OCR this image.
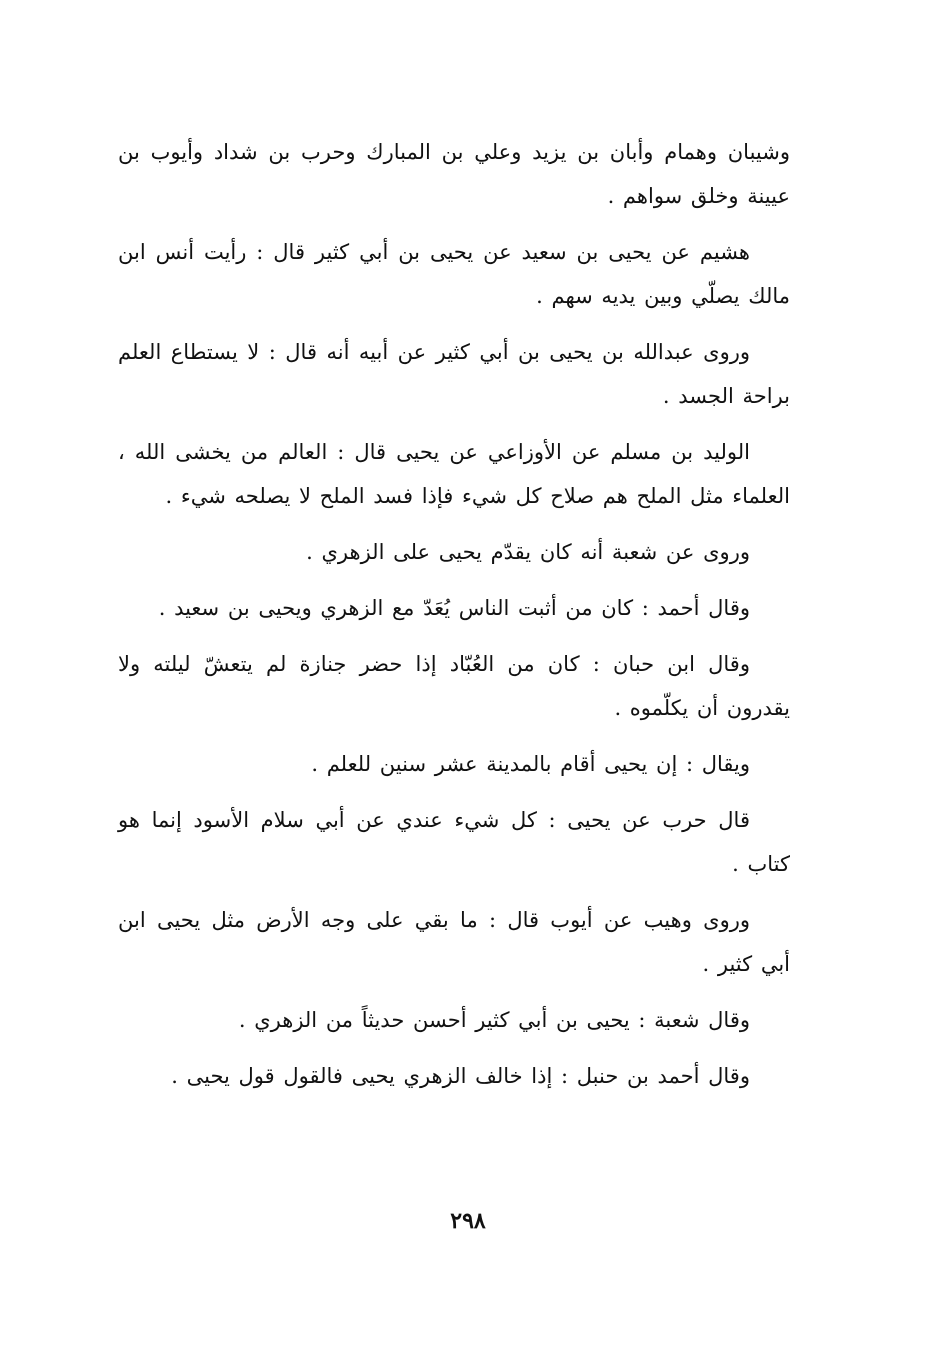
وشيبان وهمام وأبان بن يزيد وعلي بن المبارك وحرب بن شداد وأيوب بن عيينة وخلق سواهم .

هشيم عن يحيى بن سعيد عن يحيى بن أبي كثير قال : رأيت أنس ابن مالك يصلّي وبين يديه سهم .

وروى عبدالله بن يحيى بن أبي كثير عن أبيه أنه قال : لا يستطاع العلم براحة الجسد .

الوليد بن مسلم عن الأوزاعي عن يحيى قال : العالم من يخشى الله ، العلماء مثل الملح هم صلاح كل شيء فإذا فسد الملح لا يصلحه شيء .

وروى عن شعبة أنه كان يقدّم يحيى على الزهري .

وقال أحمد : كان من أثبت الناس يُعَدّ مع الزهري ويحيى بن سعيد .

وقال ابن حبان : كان من العُبّاد إذا حضر جنازة لم يتعشّ ليلته ولا يقدرون أن يكلّموه .

ويقال : إن يحيى أقام بالمدينة عشر سنين للعلم .

قال حرب عن يحيى : كل شيء عندي عن أبي سلام الأسود إنما هو كتاب .

وروى وهيب عن أيوب قال : ما بقي على وجه الأرض مثل يحيى ابن أبي كثير .

وقال شعبة : يحيى بن أبي كثير أحسن حديثاً من الزهري .

وقال أحمد بن حنبل : إذا خالف الزهري يحيى فالقول قول يحيى .

٢٩٨
